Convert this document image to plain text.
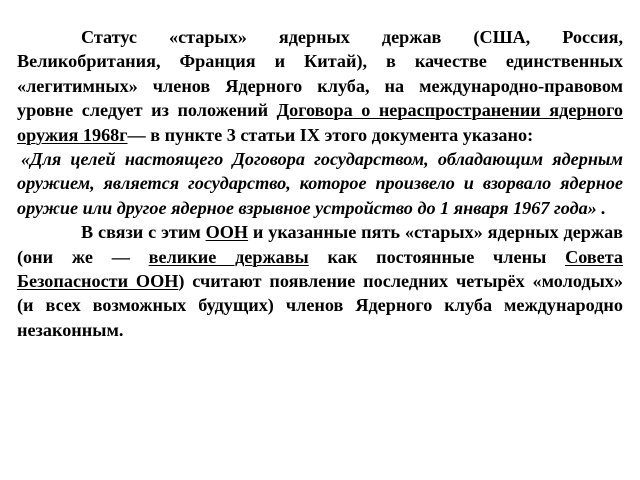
Статус «старых» ядерных держав (США, Россия, Великобритания, Франция и Китай), в качестве единственных «легитимных» членов Ядерного клуба, на международно-правовом уровне следует из положений Договора о нераспространении ядерного оружия 1968г— в пункте 3 статьи IX этого документа указано:

«Для целей настоящего Договора государством, обладающим ядерным оружием, является государство, которое произвело и взорвало ядерное оружие или другое ядерное взрывное устройство до 1 января 1967 года» .

В связи с этим ООН и указанные пять «старых» ядерных держав (они же — великие державы как постоянные члены Совета Безопасности ООН) считают появление последних четырёх «молодых» (и всех возможных будущих) членов Ядерного клуба международно незаконным.
